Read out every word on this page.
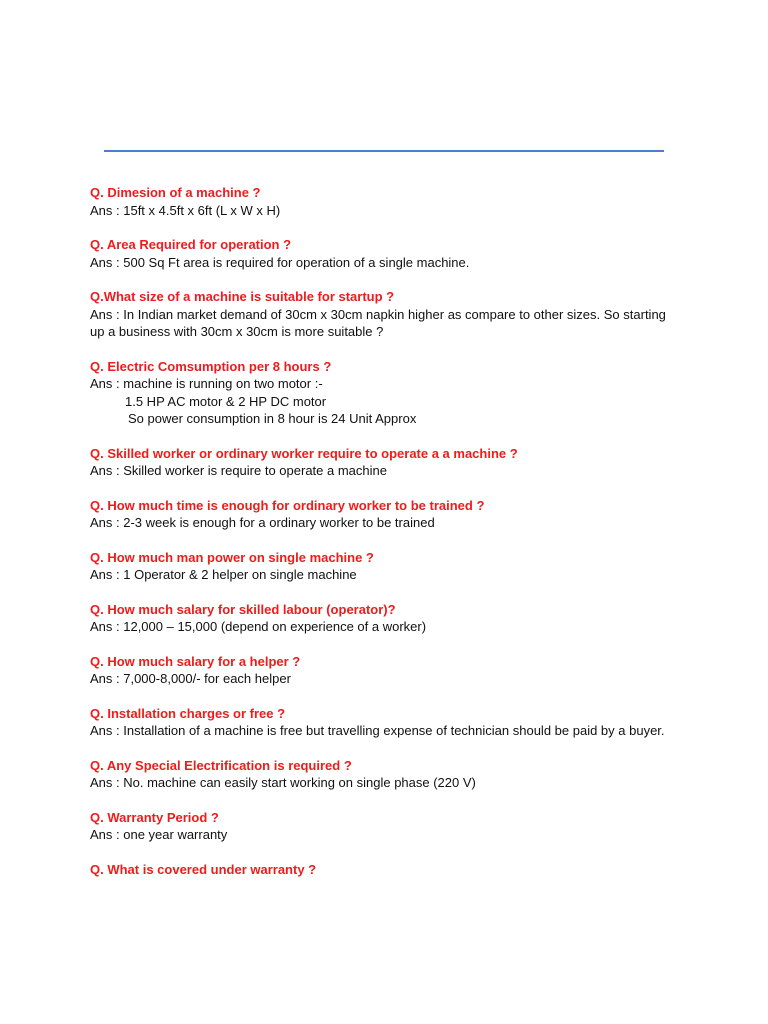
Q. Dimesion of a machine ?
Ans : 15ft x 4.5ft x 6ft (L x W x H)
Q. Area Required for operation ?
Ans : 500 Sq Ft area is required for operation of a single machine.
Q.What size of a machine is suitable for startup ?
Ans : In Indian market demand of 30cm x 30cm napkin higher as compare to other sizes. So starting up a business with 30cm x 30cm is more suitable ?
Q. Electric Comsumption per 8 hours ?
Ans : machine is running on two motor :-
1.5 HP AC motor & 2 HP DC motor
So power consumption in 8 hour is 24 Unit Approx
Q. Skilled worker or ordinary worker require to operate a a machine ?
Ans : Skilled worker is require to operate a machine
Q. How much time is enough for ordinary worker to be trained ?
Ans : 2-3 week is enough for a ordinary worker to be trained
Q. How much man power on single machine ?
Ans : 1 Operator & 2 helper on single machine
Q. How much salary for skilled labour (operator)?
Ans : 12,000 – 15,000 (depend on experience of a worker)
Q. How much salary for a helper ?
Ans : 7,000-8,000/- for each helper
Q. Installation charges or free ?
Ans : Installation of a machine is free but travelling expense of technician should be paid by a buyer.
Q. Any Special Electrification is required ?
Ans : No. machine can easily start working on single phase (220 V)
Q. Warranty Period ?
Ans : one year warranty
Q. What is covered under warranty ?
